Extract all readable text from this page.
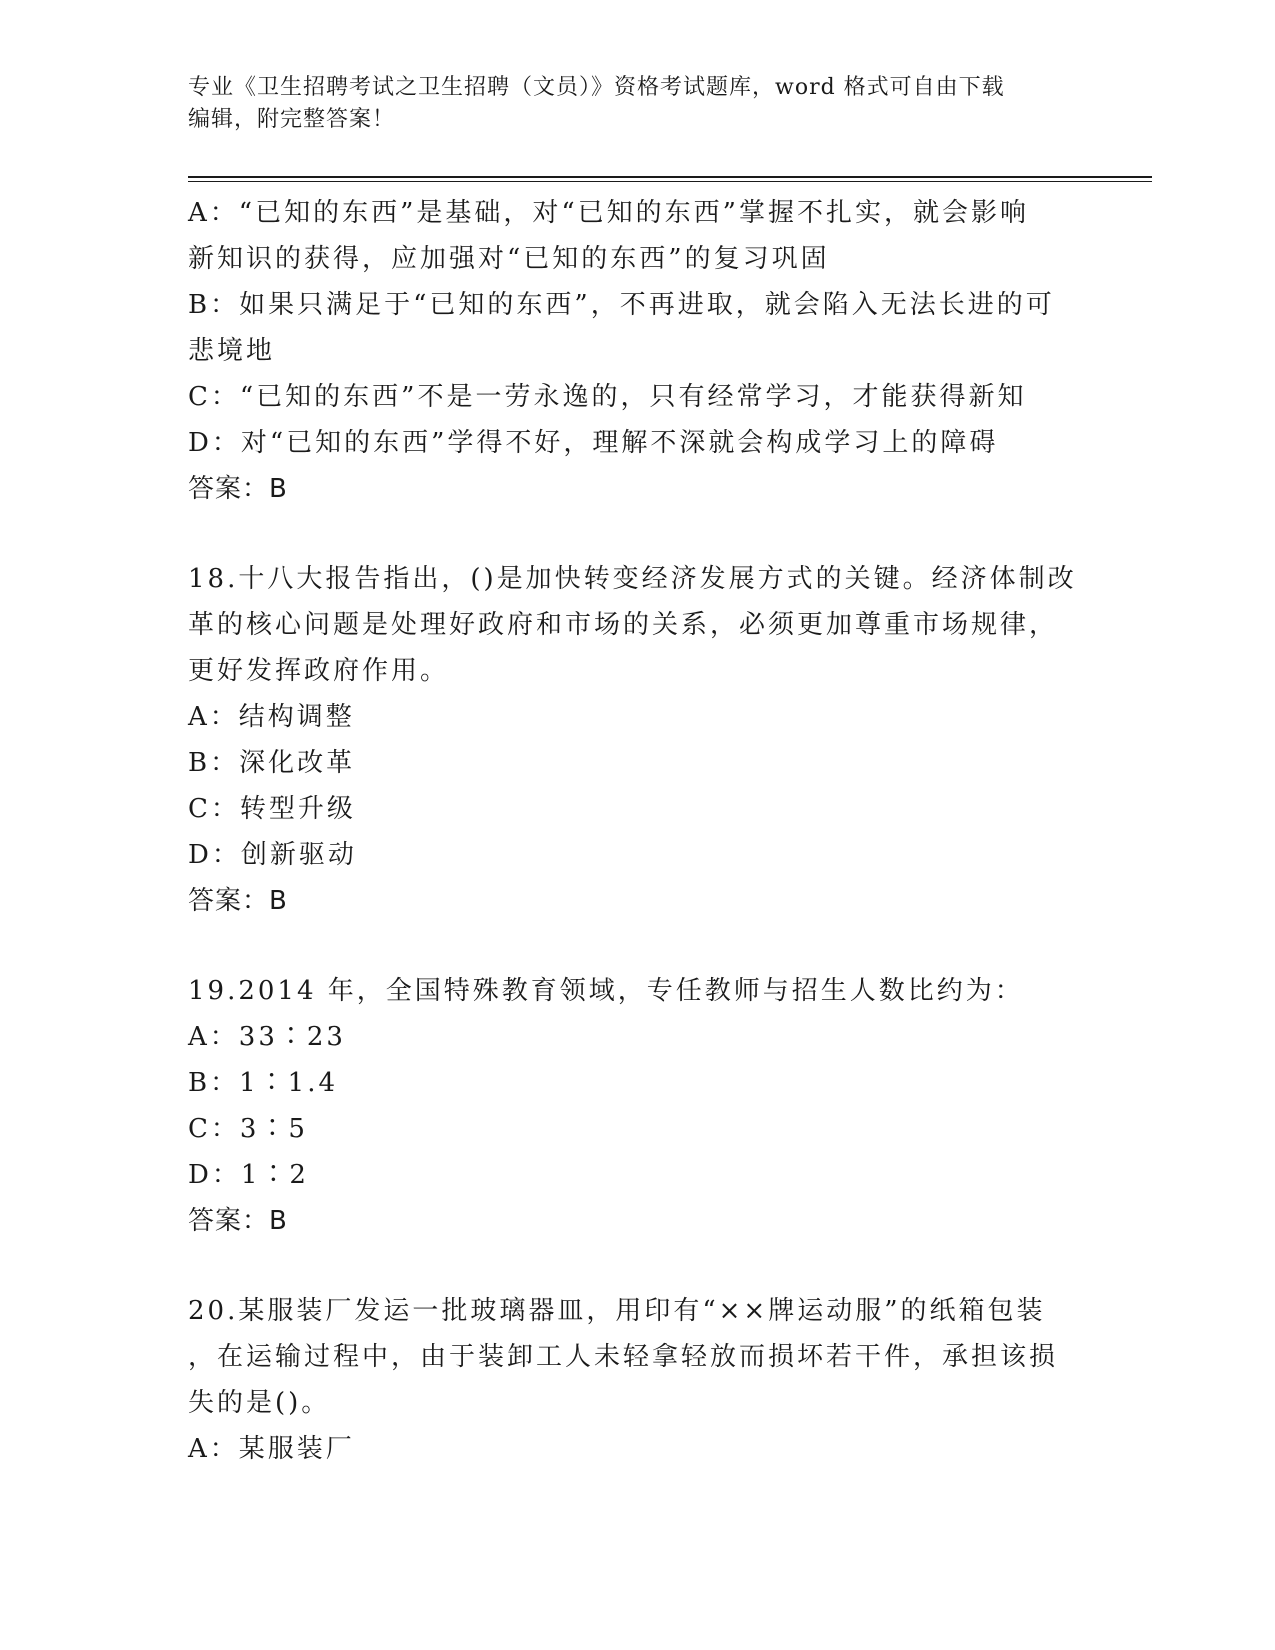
专业《卫生招聘考试之卫生招聘（文员）》资格考试题库，word 格式可自由下载
编辑，附完整答案！
A：“已知的东西”是基础，对“已知的东西”掌握不扎实，就会影响
新知识的获得，应加强对“已知的东西”的复习巩固
B：如果只满足于“已知的东西”，不再进取，就会陷入无法长进的可
悲境地
C：“已知的东西”不是一劳永逸的，只有经常学习，才能获得新知
D：对“已知的东西”学得不好，理解不深就会构成学习上的障碍
答案：B
18.十八大报告指出，()是加快转变经济发展方式的关键。经济体制改
革的核心问题是处理好政府和市场的关系，必须更加尊重市场规律，
更好发挥政府作用。
A：结构调整
B：深化改革
C：转型升级
D：创新驱动
答案：B
19.2014 年，全国特殊教育领域，专任教师与招生人数比约为：
A：33∶23
B：1∶1.4
C：3∶5
D：1∶2
答案：B
20.某服装厂发运一批玻璃器皿，用印有“××牌运动服”的纸箱包装
，在运输过程中，由于装卸工人未轻拿轻放而损坏若干件，承担该损
失的是()。
A：某服装厂
